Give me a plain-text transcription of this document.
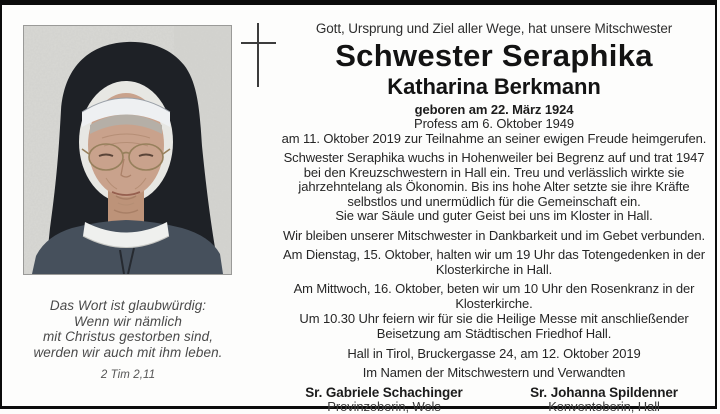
Das Wort ist glaubwürdig:
Wenn wir nämlich
mit Christus gestorben sind,
werden wir auch mit ihm leben.
2 Tim 2,11
Gott, Ursprung und Ziel aller Wege, hat unsere Mitschwester
Schwester Seraphika
Katharina Berkmann
geboren am 22. März 1924
Profess am 6. Oktober 1949
am 11. Oktober 2019 zur Teilnahme an seiner ewigen Freude heimgerufen.

Schwester Seraphika wuchs in Hohenweiler bei Begrenz auf und trat 1947 bei den Kreuzschwestern in Hall ein. Treu und verlässlich wirkte sie jahrzehntelang als Ökonomin. Bis ins hohe Alter setzte sie ihre Kräfte selbstlos und unermüdlich für die Gemeinschaft ein.

Sie war Säule und guter Geist bei uns im Kloster in Hall.

Wir bleiben unserer Mitschwester in Dankbarkeit und im Gebet verbunden.

Am Dienstag, 15. Oktober, halten wir um 19 Uhr das Totengedenken in der Klosterkirche in Hall.

Am Mittwoch, 16. Oktober, beten wir um 10 Uhr den Rosenkranz in der Klosterkirche.

Um 10.30 Uhr feiern wir für sie die Heilige Messe mit anschließender Beisetzung am Städtischen Friedhof Hall.

Hall in Tirol, Bruckergasse 24, am 12. Oktober 2019
Im Namen der Mitschwestern und Verwandten
Sr. Gabriele Schachinger
Provinzoberin, Wels
Sr. Johanna Spildenner
Konventoberin, Hall
